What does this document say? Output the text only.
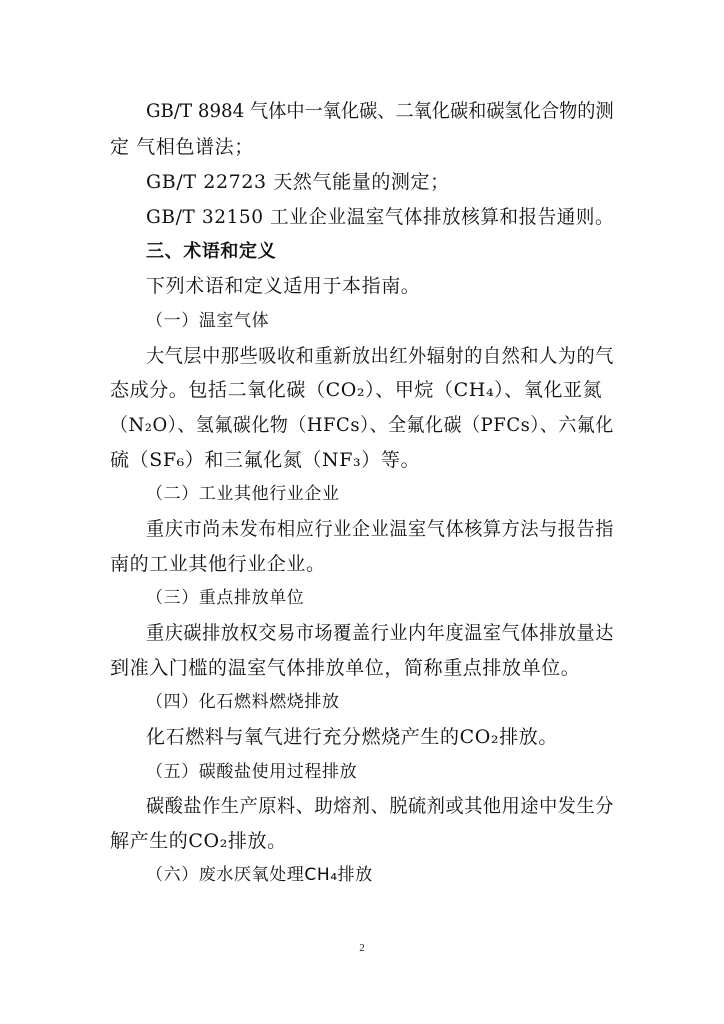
GB/T 8984 气体中一氧化碳、二氧化碳和碳氢化合物的测
定 气相色谱法；
GB/T 22723 天然气能量的测定；
GB/T 32150 工业企业温室气体排放核算和报告通则。
三、术语和定义
下列术语和定义适用于本指南。
（一）温室气体
大气层中那些吸收和重新放出红外辐射的自然和人为的气
态成分。包括二氧化碳（CO₂）、甲烷（CH₄）、氧化亚氮
（N₂O）、氢氟碳化物（HFCs）、全氟化碳（PFCs）、六氟化
硫（SF₆）和三氟化氮（NF₃）等。
（二）工业其他行业企业
重庆市尚未发布相应行业企业温室气体核算方法与报告指
南的工业其他行业企业。
（三）重点排放单位
重庆碳排放权交易市场覆盖行业内年度温室气体排放量达
到准入门槛的温室气体排放单位，简称重点排放单位。
（四）化石燃料燃烧排放
化石燃料与氧气进行充分燃烧产生的CO₂排放。
（五）碳酸盐使用过程排放
碳酸盐作生产原料、助熔剂、脱硫剂或其他用途中发生分
解产生的CO₂排放。
（六）废水厌氧处理CH₄排放
2
